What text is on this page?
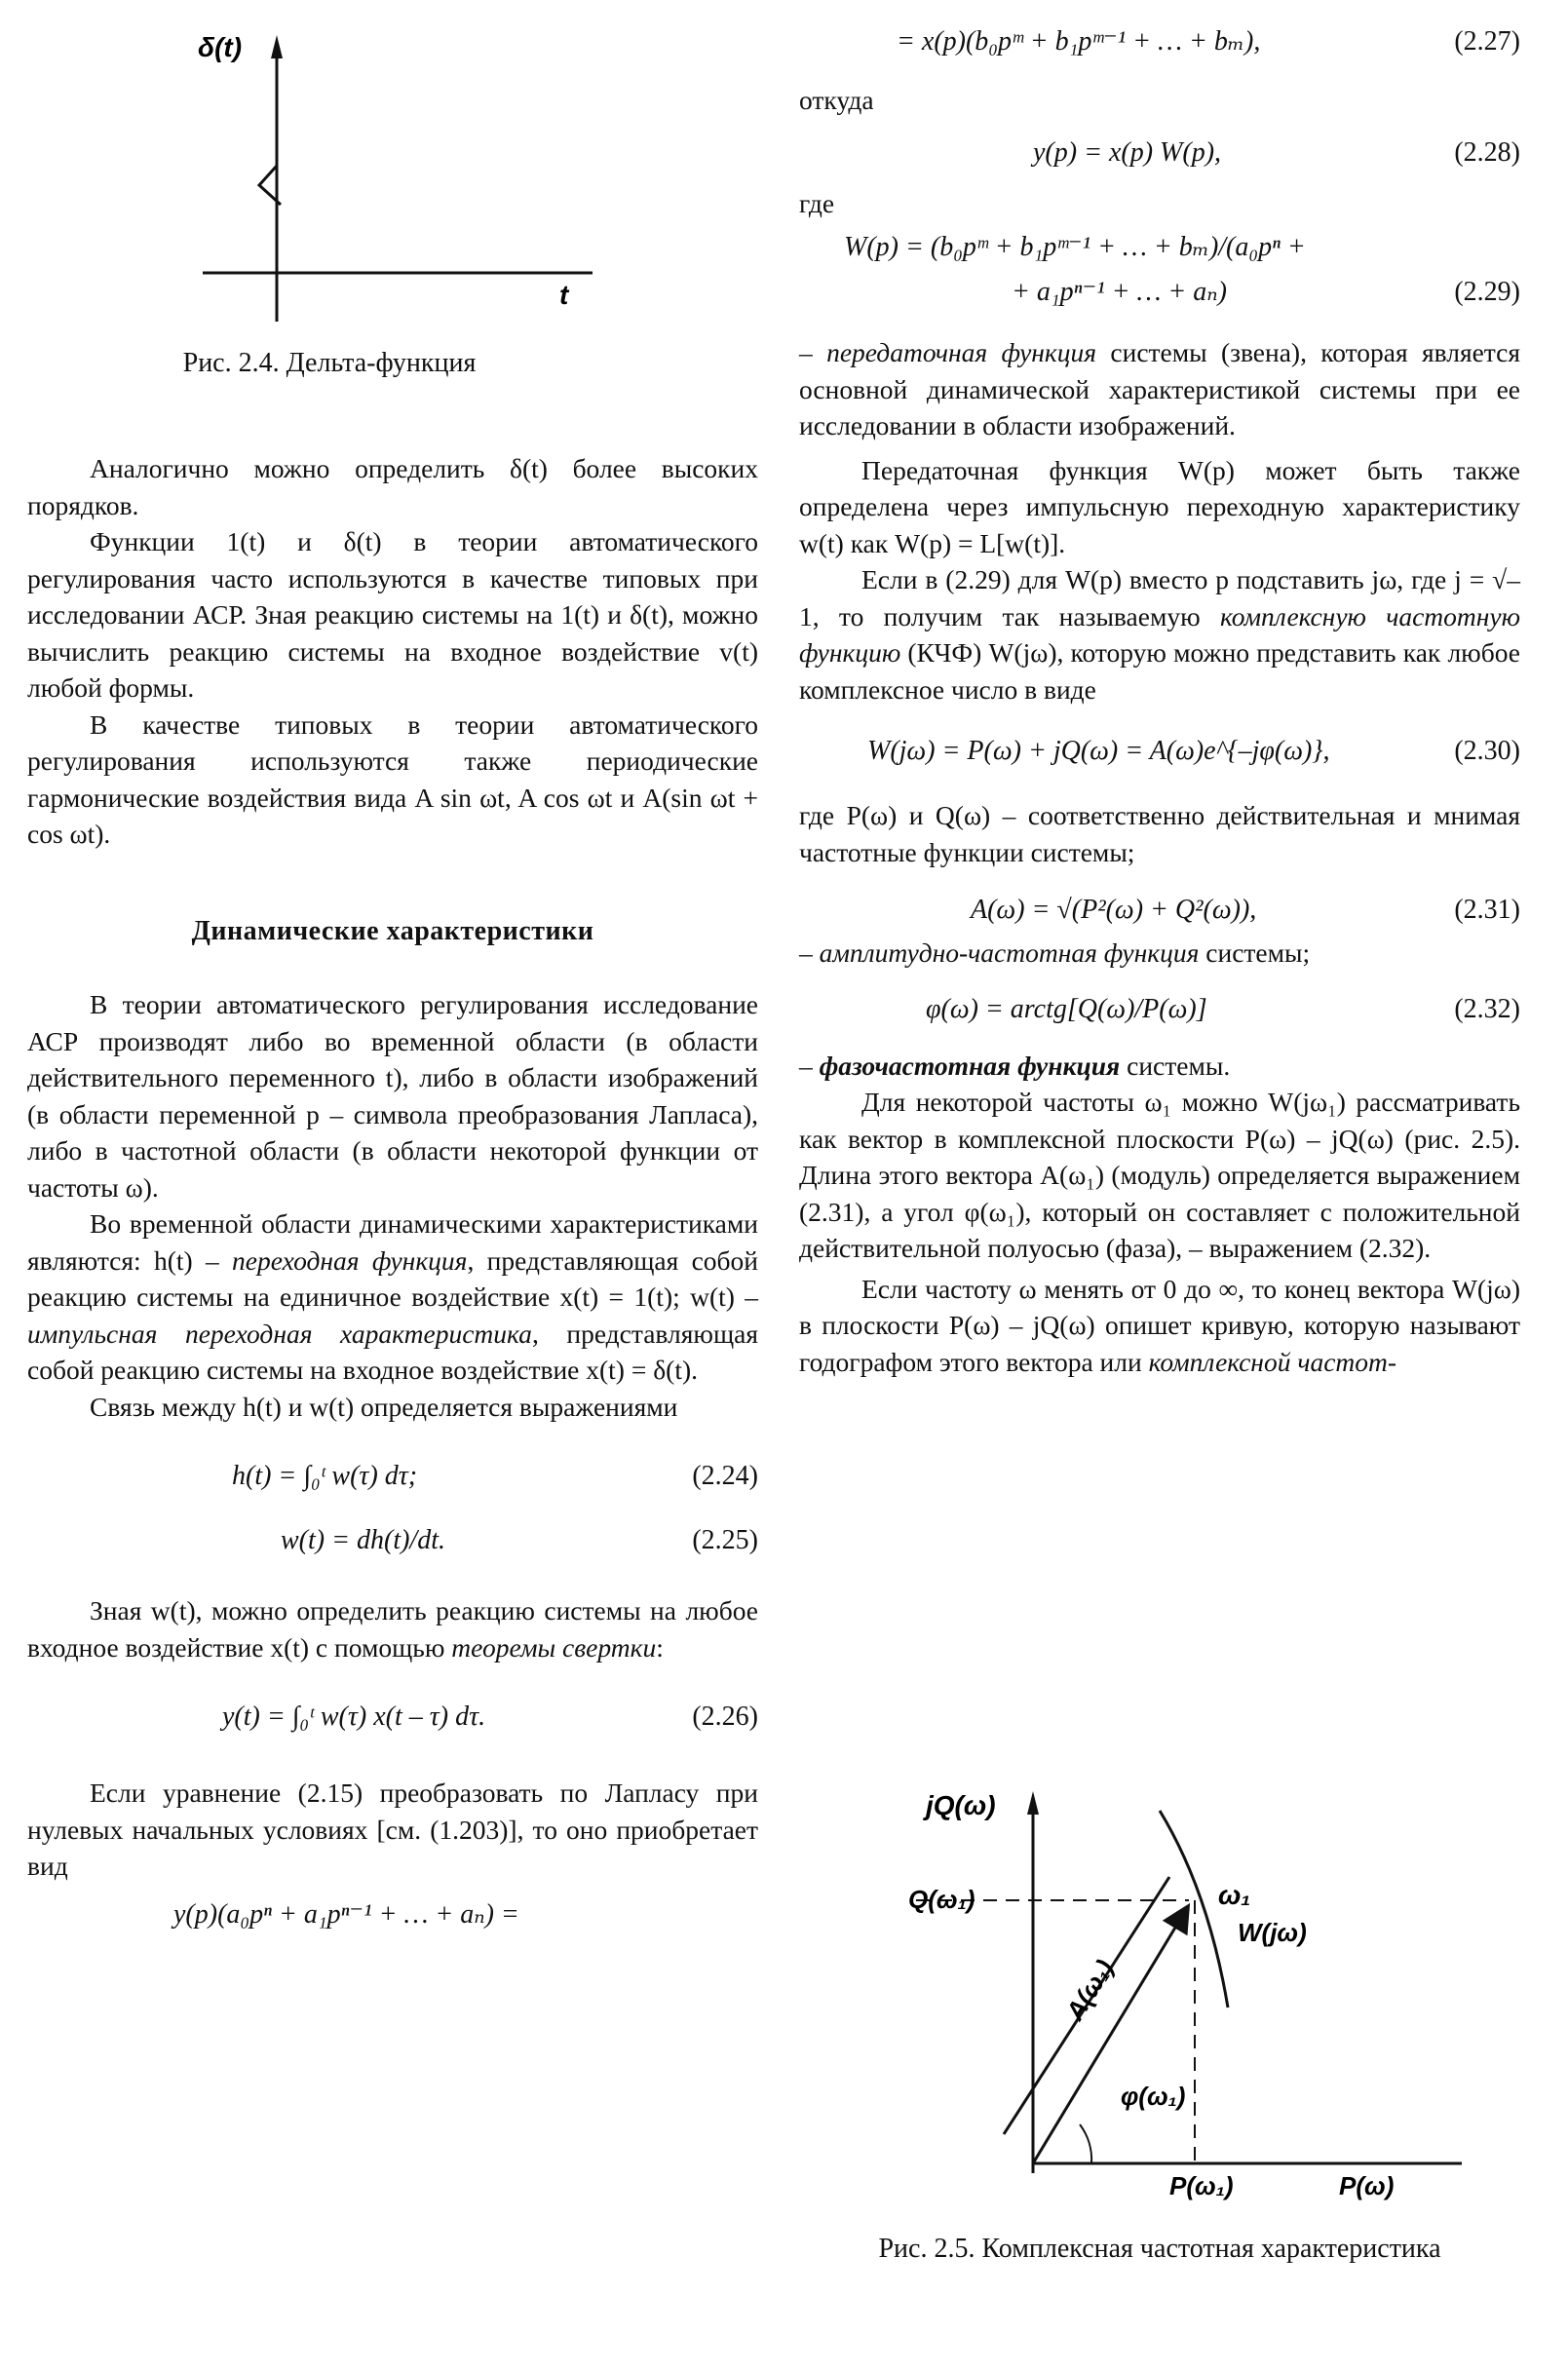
δ(t)
t

Рис. 2.4. Дельта-функция

Аналогично можно определить δ(t) более высоких порядков.

Функции 1(t) и δ(t) в теории автоматического регулирования часто используются в качестве типовых при исследовании АСР. Зная реакцию системы на 1(t) и δ(t), можно вычислить реакцию системы на входное воздействие v(t) любой формы.

В качестве типовых в теории автоматического регулирования используются также периодические гармонические воздействия вида A sin ωt, A cos ωt и A(sin ωt + cos ωt).

Динамические характеристики

В теории автоматического регулирования исследование АСР производят либо во временной области (в области действительного переменного t), либо в области изображений (в области переменной p – символа преобразования Лапласа), либо в частотной области (в области некоторой функции от частоты ω).

Во временной области динамическими характеристиками являются: h(t) – переходная функция, представляющая собой реакцию системы на единичное воздействие x(t) = 1(t); w(t) – импульсная переходная характеристика, представляющая собой реакцию системы на входное воздействие x(t) = δ(t).

Связь между h(t) и w(t) определяется выражениями

h(t) = ∫₀ᵗ w(τ) dτ;	(2.24)
w(t) = dh(t)/dt.	(2.25)

Зная w(t), можно определить реакцию системы на любое входное воздействие x(t) с помощью теоремы свертки:

y(t) = ∫₀ᵗ w(τ) x(t – τ) dτ.	(2.26)

Если уравнение (2.15) преобразовать по Лапласу при нулевых начальных условиях [см. (1.203)], то оно приобретает вид

y(p)(a₀pⁿ + a₁pⁿ⁻¹ + … + aₙ) =
= x(p)(b₀pᵐ + b₁pᵐ⁻¹ + … + bₘ),	(2.27)

откуда

y(p) = x(p) W(p),	(2.28)

где

W(p) = (b₀pᵐ + b₁pᵐ⁻¹ + … + bₘ)/(a₀pⁿ +
+ a₁pⁿ⁻¹ + … + aₙ)	(2.29)

– передаточная функция системы (звена), которая является основной динамической характеристикой системы при ее исследовании в области изображений.

Передаточная функция W(p) может быть также определена через импульсную переходную характеристику w(t) как W(p) = L[w(t)].

Если в (2.29) для W(p) вместо p подставить jω, где j = √–1, то получим так называемую комплексную частотную функцию (КЧФ) W(jω), которую можно представить как любое комплексное число в виде

W(jω) = P(ω) + jQ(ω) = A(ω)e^{–jφ(ω)},	(2.30)

где P(ω) и Q(ω) – соответственно действительная и мнимая частотные функции системы;

A(ω) = √(P²(ω) + Q²(ω)),	(2.31)

– амплитудно-частотная функция системы;

φ(ω) = arctg[Q(ω)/P(ω)]	(2.32)

– фазочастотная функция системы.

Для некоторой частоты ω₁ можно W(jω₁) рассматривать как вектор в комплексной плоскости P(ω) – jQ(ω) (рис. 2.5). Длина этого вектора A(ω₁) (модуль) определяется выражением (2.31), а угол φ(ω₁), который он составляет с положительной действительной полуосью (фаза), – выражением (2.32).

Если частоту ω менять от 0 до ∞, то конец вектора W(jω) в плоскости P(ω) – jQ(ω) опишет кривую, которую называют годографом этого вектора или комплексной частот-

jQ(ω)
Q(ω₁)	ω₁
W(jω)
A(ω₁)
φ(ω₁)
P(ω₁)	P(ω)

Рис. 2.5. Комплексная частотная характеристика
